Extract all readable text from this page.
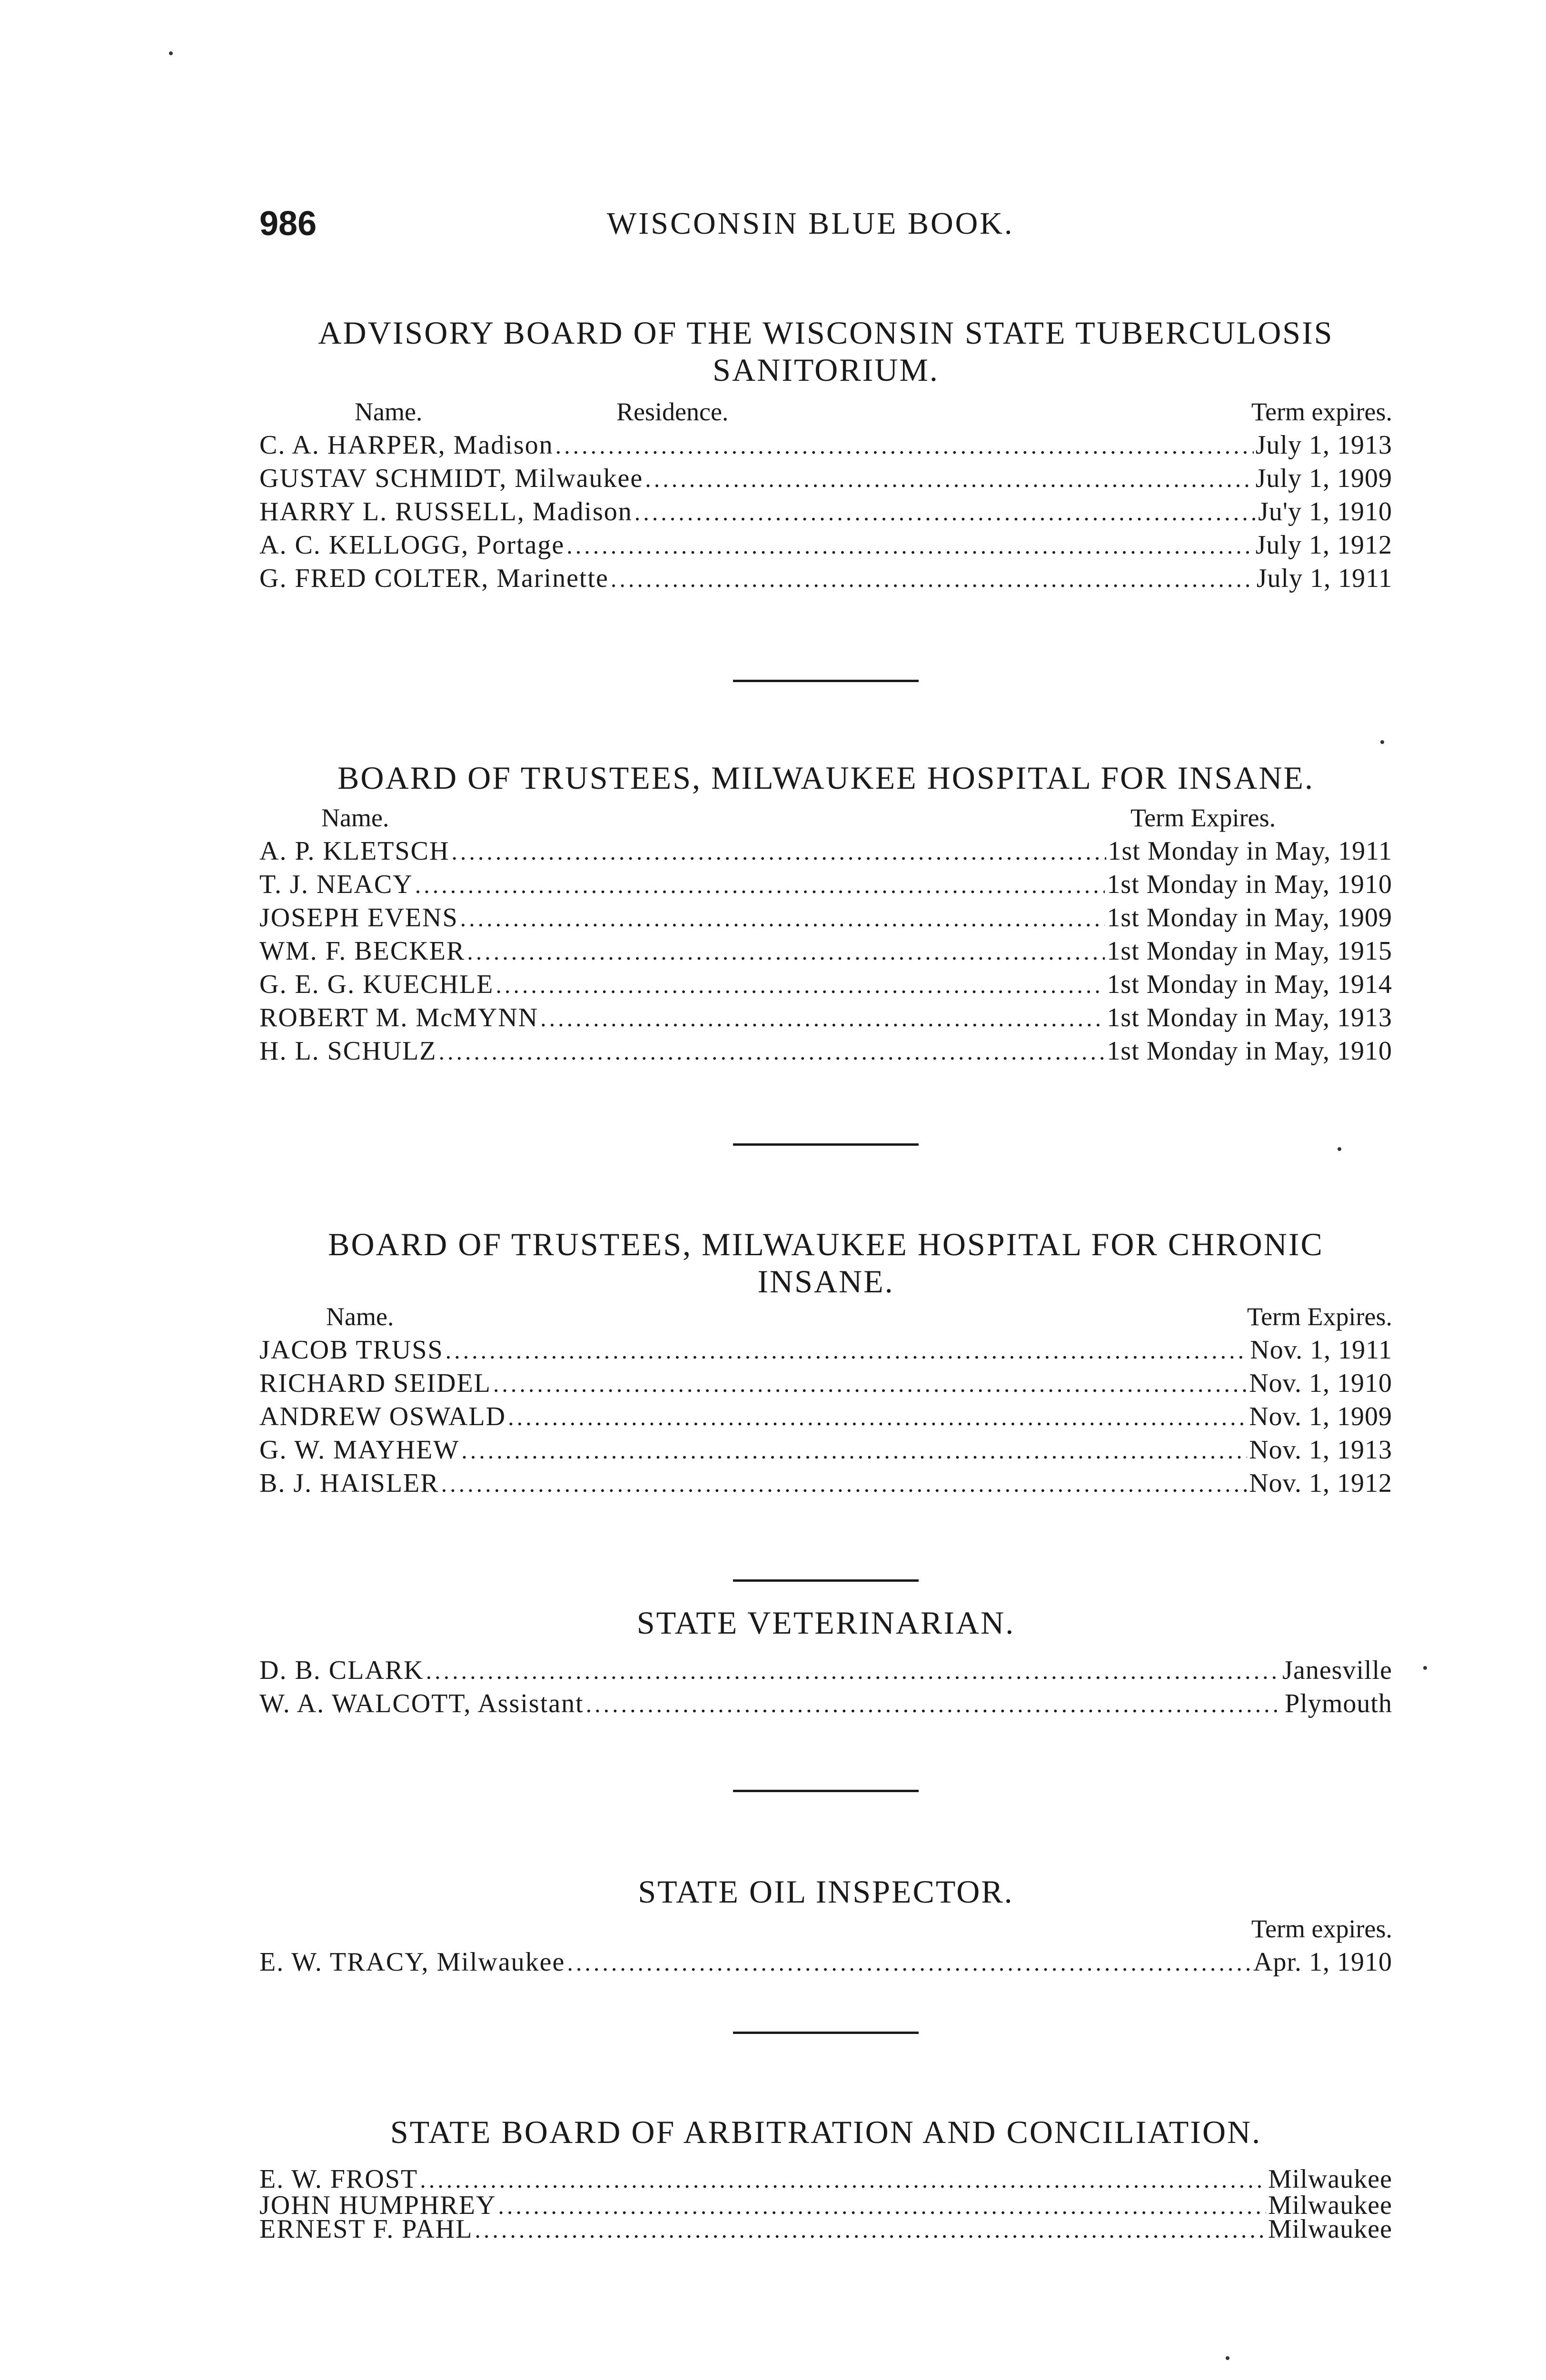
986	WISCONSIN BLUE BOOK.
ADVISORY BOARD OF THE WISCONSIN STATE TUBERCULOSIS
SANITORIUM.
Name.	Residence.	Term expires.
C. A. HARPER, Madison .....	July 1, 1913
GUSTAV SCHMIDT, Milwaukee .....	July 1, 1909
HARRY L. RUSSELL, Madison .....	Ju'y 1, 1910
A. C. KELLOGG, Portage .....	July 1, 1912
G. FRED COLTER, Marinette .....	July 1, 1911
BOARD OF TRUSTEES, MILWAUKEE HOSPITAL FOR INSANE.
Name.	Term Expires.
A. P. KLETSCH .....	1st Monday in May, 1911
T. J. NEACY .....	1st Monday in May, 1910
JOSEPH EVENS .....	1st Monday in May, 1909
WM. F. BECKER .....	1st Monday in May, 1915
G. E. G. KUECHLE .....	1st Monday in May, 1914
ROBERT M. McMYNN .....	1st Monday in May, 1913
H. L. SCHULZ .....	1st Monday in May, 1910
BOARD OF TRUSTEES, MILWAUKEE HOSPITAL FOR CHRONIC
INSANE.
Name.	Term Expires.
JACOB TRUSS .....	Nov. 1, 1911
RICHARD SEIDEL .....	Nov. 1, 1910
ANDREW OSWALD .....	Nov. 1, 1909
G. W. MAYHEW .....	Nov. 1, 1913
B. J. HAISLER .....	Nov. 1, 1912
STATE VETERINARIAN.
D. B. CLARK .....	Janesville
W. A. WALCOTT, Assistant .....	Plymouth
STATE OIL INSPECTOR.
Term expires.
E. W. TRACY, Milwaukee .....	Apr. 1, 1910
STATE BOARD OF ARBITRATION AND CONCILIATION.
E. W. FROST .....	Milwaukee
JOHN HUMPHREY .....	Milwaukee
ERNEST F. PAHL .....	Milwaukee
